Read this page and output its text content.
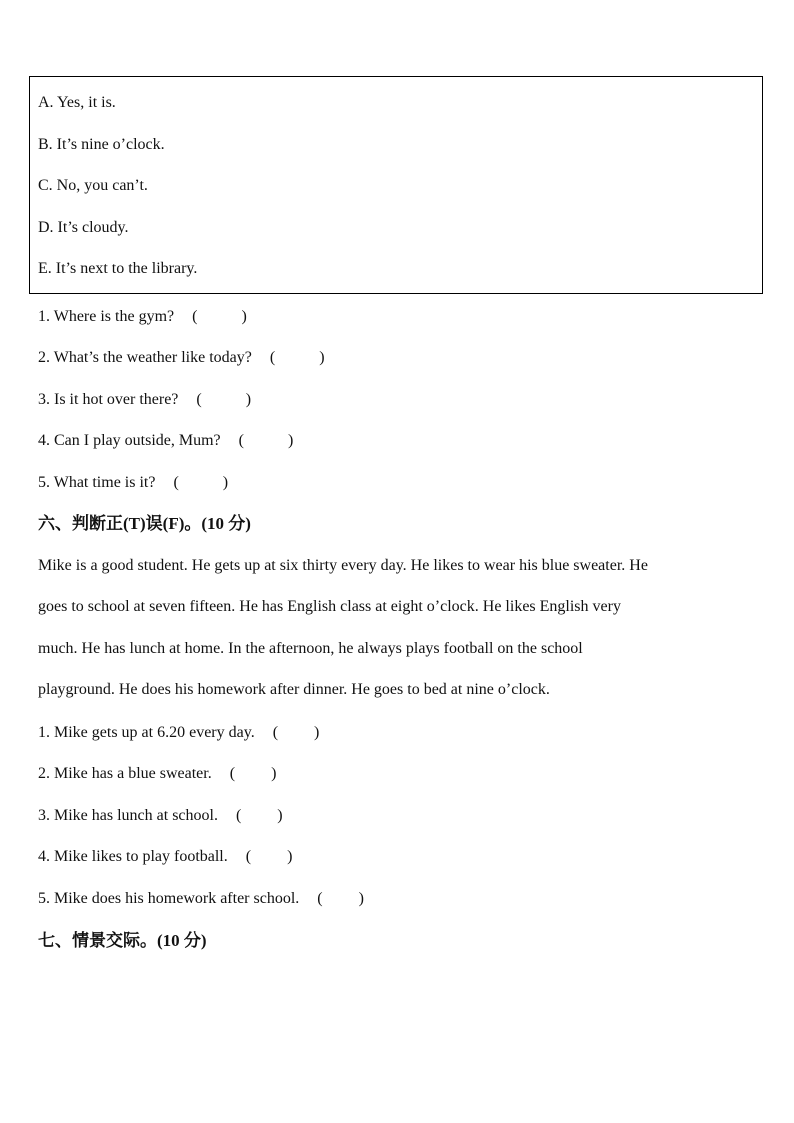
A. Yes, it is.
B. It’s nine o’clock.
C. No, you can’t.
D. It’s cloudy.
E. It’s next to the library.
1. Where is the gym? (           )
2. What’s the weather like today? (           )
3. Is it hot over there? (           )
4. Can I play outside, Mum? (           )
5. What time is it? (           )
六、判断正(T)误(F)。(10 分)
Mike is a good student. He gets up at six thirty every day. He likes to wear his blue sweater. He
goes to school at seven fifteen. He has English class at eight o’clock. He likes English very
much. He has lunch at home. In the afternoon, he always plays football on the school
playground. He does his homework after dinner. He goes to bed at nine o’clock.
1. Mike gets up at 6.20 every day. (         )
2. Mike has a blue sweater. (         )
3. Mike has lunch at school. (         )
4. Mike likes to play football. (         )
5. Mike does his homework after school. (         )
七、情景交际。(10 分)
